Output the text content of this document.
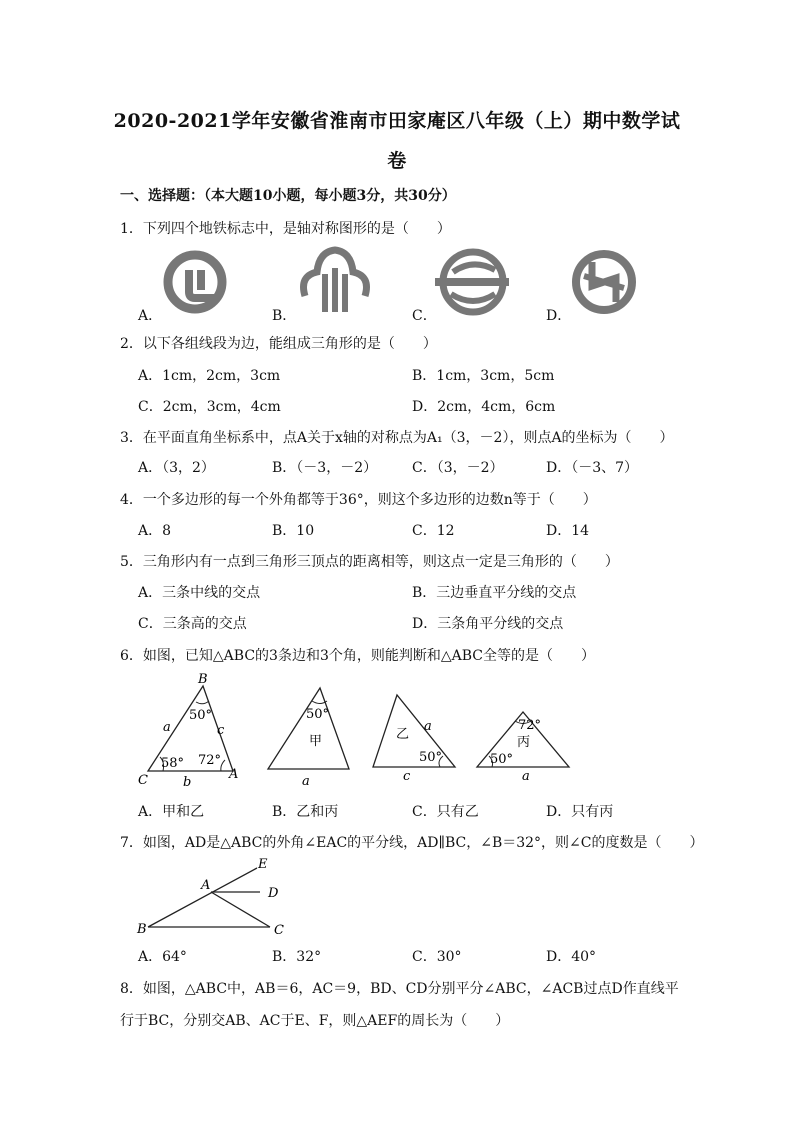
2020-2021学年安徽省淮南市田家庵区八年级（上）期中数学试
卷
一、选择题：（本大题10小题，每小题3分，共30分）
1．下列四个地铁标志中，是轴对称图形的是（　　）
A．	B．	C．	D．
2．以下各组线段为边，能组成三角形的是（　　）
A．1cm，2cm，3cm	B．1cm，3cm，5cm
C．2cm，3cm，4cm	D．2cm，4cm，6cm
3．在平面直角坐标系中，点A关于x轴的对称点为A₁（3，－2），则点A的坐标为（　　）
A．（3，2）	B．（－3，－2） C．（3，－2）	D．（－3、7）
4．一个多边形的每一个外角都等于36°，则这个多边形的边数n等于（　　）
A．8	B．10	C．12	D．14
5．三角形内有一点到三角形三顶点的距离相等，则这点一定是三角形的（　　）
A．三条中线的交点	B．三边垂直平分线的交点
C．三条高的交点	D．三条角平分线的交点
6．如图，已知△ABC的3条边和3个角，则能判断和△ABC全等的是（　　）
B
C	A
a
b
c
50°
58° 72°
50°
甲
a
乙
a
50°
c
72°
丙
50°
a
A．甲和乙	B．乙和丙	C．只有乙	D．只有丙
7．如图，AD是△ABC的外角∠EAC的平分线，AD∥BC，∠B＝32°，则∠C的度数是（　　）
E
A
D
B	C
A．64°	B．32°	C．30°	D．40°
8．如图，△ABC中，AB＝6，AC＝9，BD、CD分别平分∠ABC，∠ACB过点D作直线平
行于BC，分别交AB、AC于E、F，则△AEF的周长为（　　）
